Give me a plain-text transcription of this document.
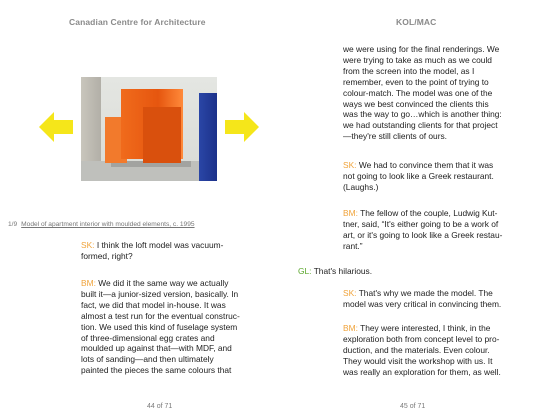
Canadian Centre for Architecture
1/9 Model of apartment interior with moulded elements, c. 1995
SK: I think the loft model was vacuum-
formed, right?
BM: We did it the same way we actually
built it—a junior-sized version, basically. In
fact, we did that model in-house. It was
almost a test run for the eventual construc-
tion. We used this kind of fuselage system
of three-dimensional egg crates and
moulded up against that—with MDF, and
lots of sanding—and then ultimately
painted the pieces the same colours that
44 of 71
KOL/MAC
we were using for the final renderings. We
were trying to take as much as we could
from the screen into the model, as I
remember, even to the point of trying to
colour-match. The model was one of the
ways we best convinced the clients this
was the way to go…which is another thing:
we had outstanding clients for that project
—they're still clients of ours.
SK: We had to convince them that it was
not going to look like a Greek restaurant.
(Laughs.)
BM: The fellow of the couple, Ludwig Kut-
tner, said, “It's either going to be a work of
art, or it's going to look like a Greek restau-
rant.”
GL: That's hilarious.
SK: That's why we made the model. The
model was very critical in convincing them.
BM: They were interested, I think, in the
exploration both from concept level to pro-
duction, and the materials. Even colour.
They would visit the workshop with us. It
was really an exploration for them, as well.
45 of 71
